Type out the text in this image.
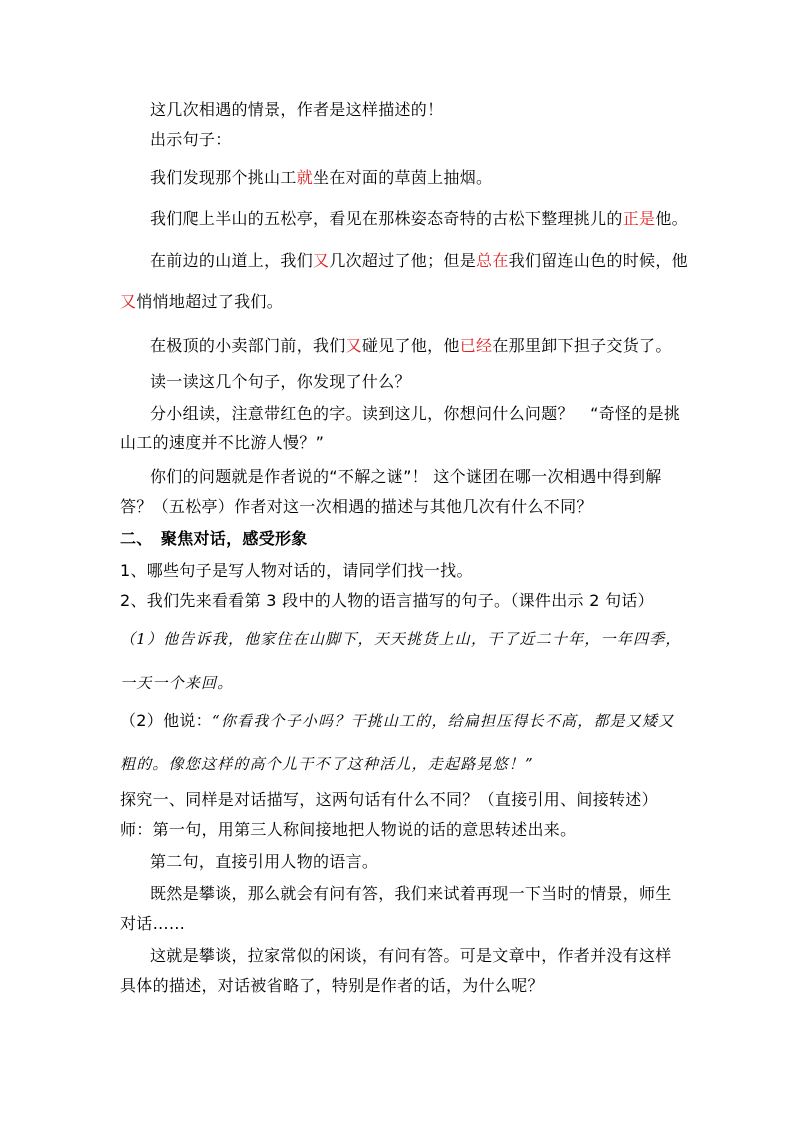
这几次相遇的情景，作者是这样描述的！
出示句子：
我们发现那个挑山工就坐在对面的草茵上抽烟。
我们爬上半山的五松亭，看见在那株姿态奇特的古松下整理挑儿的正是他。
在前边的山道上，我们又几次超过了他；但是总在我们留连山色的时候，他
又悄悄地超过了我们。
在极顶的小卖部门前，我们又碰见了他，他已经在那里卸下担子交货了。
读一读这几个句子，你发现了什么？
分小组读，注意带红色的字。读到这儿，你想问什么问题？　“奇怪的是挑
山工的速度并不比游人慢？”
你们的问题就是作者说的“不解之谜”！ 这个谜团在哪一次相遇中得到解
答？（五松亭）作者对这一次相遇的描述与其他几次有什么不同？
二、　聚焦对话，感受形象
1、哪些句子是写人物对话的，请同学们找一找。
2、我们先来看看第 3 段中的人物的语言描写的句子。（课件出示 2 句话）
（1）他告诉我，他家住在山脚下，天天挑货上山，干了近二十年，一年四季，
一天一个来回。
（2）他说：“你看我个子小吗？干挑山工的，给扁担压得长不高，都是又矮又
粗的。像您这样的高个儿干不了这种活儿，走起路晃悠！”
探究一、同样是对话描写，这两句话有什么不同？（直接引用、间接转述）
师：第一句，用第三人称间接地把人物说的话的意思转述出来。
第二句，直接引用人物的语言。
既然是攀谈，那么就会有问有答，我们来试着再现一下当时的情景，师生
对话……
这就是攀谈，拉家常似的闲谈，有问有答。可是文章中，作者并没有这样
具体的描述，对话被省略了，特别是作者的话，为什么呢？
